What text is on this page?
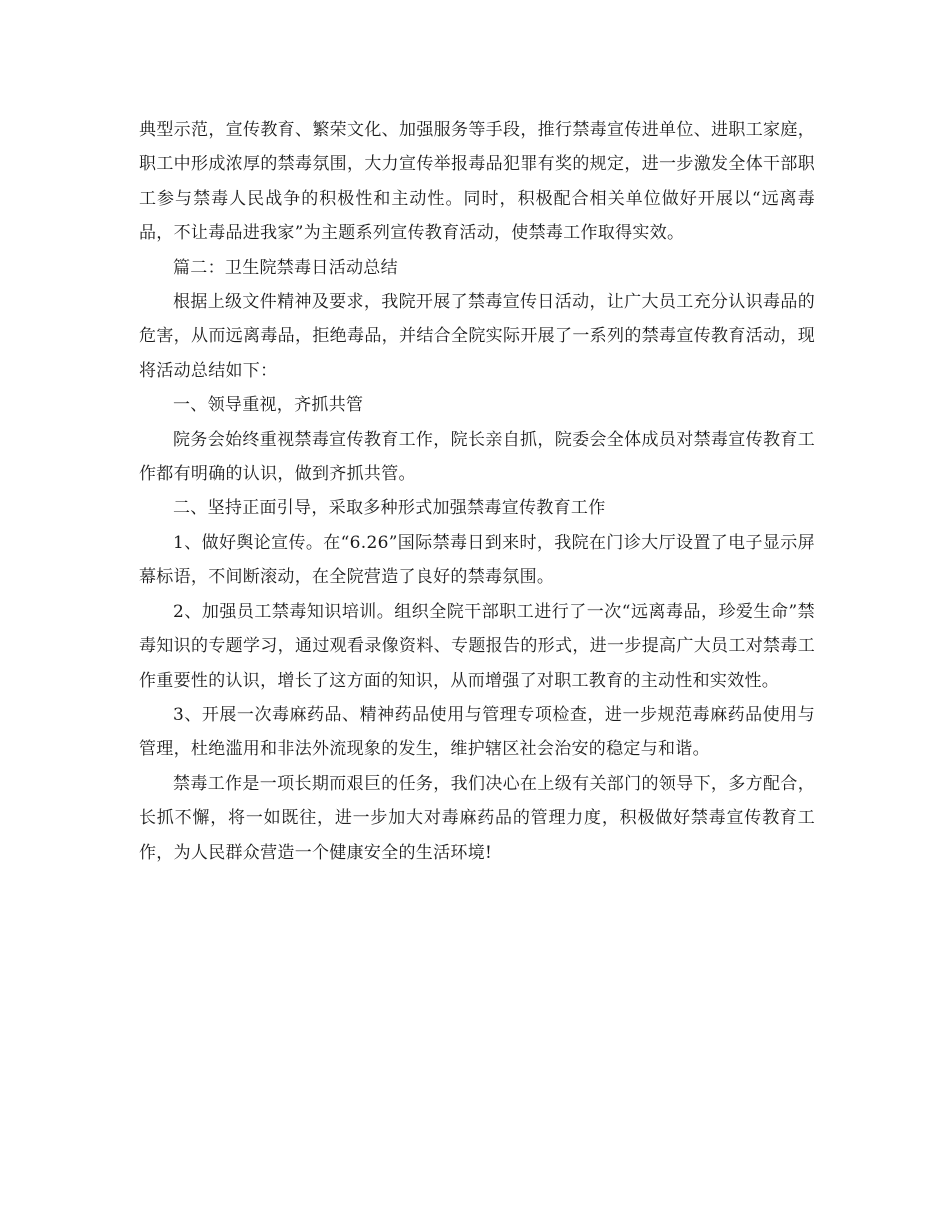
典型示范，宣传教育、繁荣文化、加强服务等手段，推行禁毒宣传进单位、进职工家庭，职工中形成浓厚的禁毒氛围，大力宣传举报毒品犯罪有奖的规定，进一步激发全体干部职工参与禁毒人民战争的积极性和主动性。同时，积极配合相关单位做好开展以“远离毒品，不让毒品进我家”为主题系列宣传教育活动，使禁毒工作取得实效。

篇二：卫生院禁毒日活动总结

根据上级文件精神及要求，我院开展了禁毒宣传日活动，让广大员工充分认识毒品的危害，从而远离毒品，拒绝毒品，并结合全院实际开展了一系列的禁毒宣传教育活动，现将活动总结如下：

一、领导重视，齐抓共管

院务会始终重视禁毒宣传教育工作，院长亲自抓，院委会全体成员对禁毒宣传教育工作都有明确的认识，做到齐抓共管。

二、坚持正面引导，采取多种形式加强禁毒宣传教育工作

1、做好舆论宣传。在“6.26”国际禁毒日到来时，我院在门诊大厅设置了电子显示屏幕标语，不间断滚动，在全院营造了良好的禁毒氛围。

2、加强员工禁毒知识培训。组织全院干部职工进行了一次“远离毒品，珍爱生命”禁毒知识的专题学习，通过观看录像资料、专题报告的形式，进一步提高广大员工对禁毒工作重要性的认识，增长了这方面的知识，从而增强了对职工教育的主动性和实效性。

3、开展一次毒麻药品、精神药品使用与管理专项检查，进一步规范毒麻药品使用与管理，杜绝滥用和非法外流现象的发生，维护辖区社会治安的稳定与和谐。

禁毒工作是一项长期而艰巨的任务，我们决心在上级有关部门的领导下，多方配合，长抓不懈，将一如既往，进一步加大对毒麻药品的管理力度，积极做好禁毒宣传教育工作，为人民群众营造一个健康安全的生活环境!
